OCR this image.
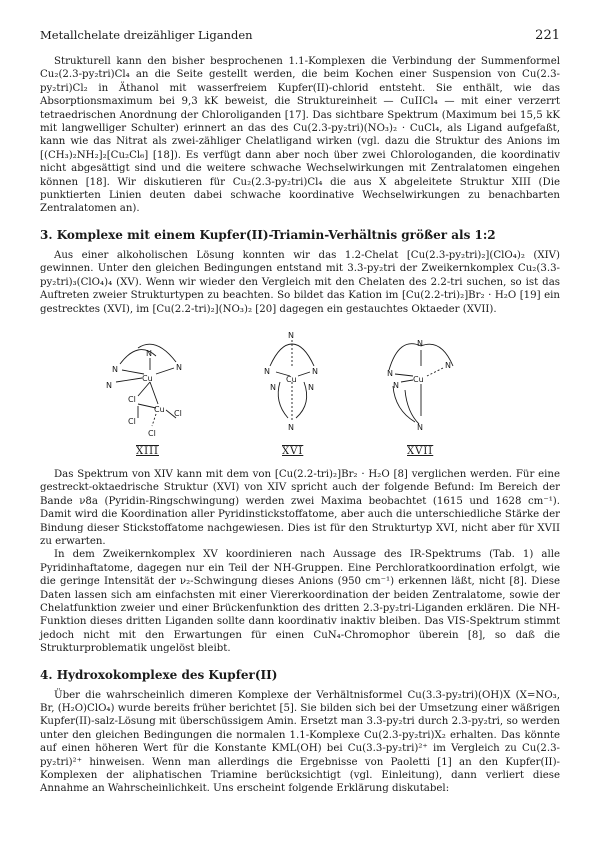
Metallchelate dreizähliger Liganden	221

Strukturell kann den bisher besprochenen 1.1-Komplexen die Verbindung der Summenformel Cu₂(2.3-py₂tri)Cl₄ an die Seite gestellt werden, die beim Kochen einer Suspension von Cu(2.3-py₂tri)Cl₂ in Äthanol mit wasserfreiem Kupfer(II)-chlorid entsteht. Sie enthält, wie das Absorptionsmaximum bei 9,3 kK beweist, die Struktureinheit — CuIICl₄ — mit einer verzerrt tetraedrischen Anordnung der Chloroliganden [17]. Das sichtbare Spektrum (Maximum bei 15,5 kK mit langwelliger Schulter) erinnert an das des Cu(2.3-py₂tri)(NO₃)₂ · CuCl₄, als Ligand aufgefaßt, kann wie das Nitrat als zwei-zähliger Chelatligand wirken (vgl. dazu die Struktur des Anions im [(CH₃)₂NH₂]₂[Cu₂Cl₆] [18]). Es verfügt dann aber noch über zwei Chlorologanden, die koordinativ nicht abgesättigt sind und die weitere schwache Wechselwirkungen mit Zentralatomen eingehen können [18]. Wir diskutieren für Cu₂(2.3-py₂tri)Cl₄ die aus X abgeleitete Struktur XIII (Die punktierten Linien deuten dabei schwache koordinative Wechselwirkungen zu benachbarten Zentralatomen an).

3. Komplexe mit einem Kupfer(II)-Triamin-Verhältnis größer als 1:2

Aus einer alkoholischen Lösung konnten wir das 1.2-Chelat [Cu(2.3-py₂tri)₂](ClO₄)₂ (XIV) gewinnen. Unter den gleichen Bedingungen entstand mit 3.3-py₂tri der Zweikernkomplex Cu₂(3.3-py₂tri)₃(ClO₄)₄ (XV). Wenn wir wieder den Vergleich mit den Chelaten des 2.2-tri suchen, so ist das Auftreten zweier Strukturtypen zu beachten. So bildet das Kation im [Cu(2.2-tri)₂]Br₂ · H₂O [19] ein gestrecktes (XVI), im [Cu(2.2-tri)₂](NO₃)₂ [20] dagegen ein gestauchtes Oktaeder (XVII).

N	N
N
Cu
N
Cl
Cu Cl
Cl
Cl
XIII
N
N	N
Cu
N	N
N
XVI
N
N
N
Cu
N
N
XVII

Das Spektrum von XIV kann mit dem von [Cu(2.2-tri)₂]Br₂ · H₂O [8] verglichen werden. Für eine gestreckt-oktaedrische Struktur (XVI) von XIV spricht auch der folgende Befund: Im Bereich der Bande ν8a (Pyridin-Ringschwingung) werden zwei Maxima beobachtet (1615 und 1628 cm⁻¹). Damit wird die Koordination aller Pyridinstickstoffatome, aber auch die unterschiedliche Stärke der Bindung dieser Stickstoffatome nachgewiesen. Dies ist für den Strukturtyp XVI, nicht aber für XVII zu erwarten.

In dem Zweikernkomplex XV koordinieren nach Aussage des IR-Spektrums (Tab. 1) alle Pyridinhaftatome, dagegen nur ein Teil der NH-Gruppen. Eine Perchloratkoordination erfolgt, wie die geringe Intensität der ν₂-Schwingung dieses Anions (950 cm⁻¹) erkennen läßt, nicht [8]. Diese Daten lassen sich am einfachsten mit einer Viererkoordination der beiden Zentralatome, sowie der Chelatfunktion zweier und einer Brückenfunktion des dritten 2.3-py₂tri-Liganden erklären. Die NH-Funktion dieses dritten Liganden sollte dann koordinativ inaktiv bleiben. Das VIS-Spektrum stimmt jedoch nicht mit den Erwartungen für einen CuN₄-Chromophor überein [8], so daß die Strukturproblematik ungelöst bleibt.

4. Hydroxokomplexe des Kupfer(II)

Über die wahrscheinlich dimeren Komplexe der Verhältnisformel Cu(3.3-py₂tri)(OH)X (X=NO₃, Br, (H₂O)ClO₄) wurde bereits früher berichtet [5]. Sie bilden sich bei der Umsetzung einer wäßrigen Kupfer(II)-salz-Lösung mit überschüssigem Amin. Ersetzt man 3.3-py₂tri durch 2.3-py₂tri, so werden unter den gleichen Bedingungen die normalen 1.1-Komplexe Cu(2.3-py₂tri)X₂ erhalten. Das könnte auf einen höheren Wert für die Konstante KML(OH) bei Cu(3.3-py₂tri)²⁺ im Vergleich zu Cu(2.3-py₂tri)²⁺ hinweisen. Wenn man allerdings die Ergebnisse von Paoletti [1] an den Kupfer(II)-Komplexen der aliphatischen Triamine berücksichtigt (vgl. Einleitung), dann verliert diese Annahme an Wahrscheinlichkeit. Uns erscheint folgende Erklärung diskutabel:
